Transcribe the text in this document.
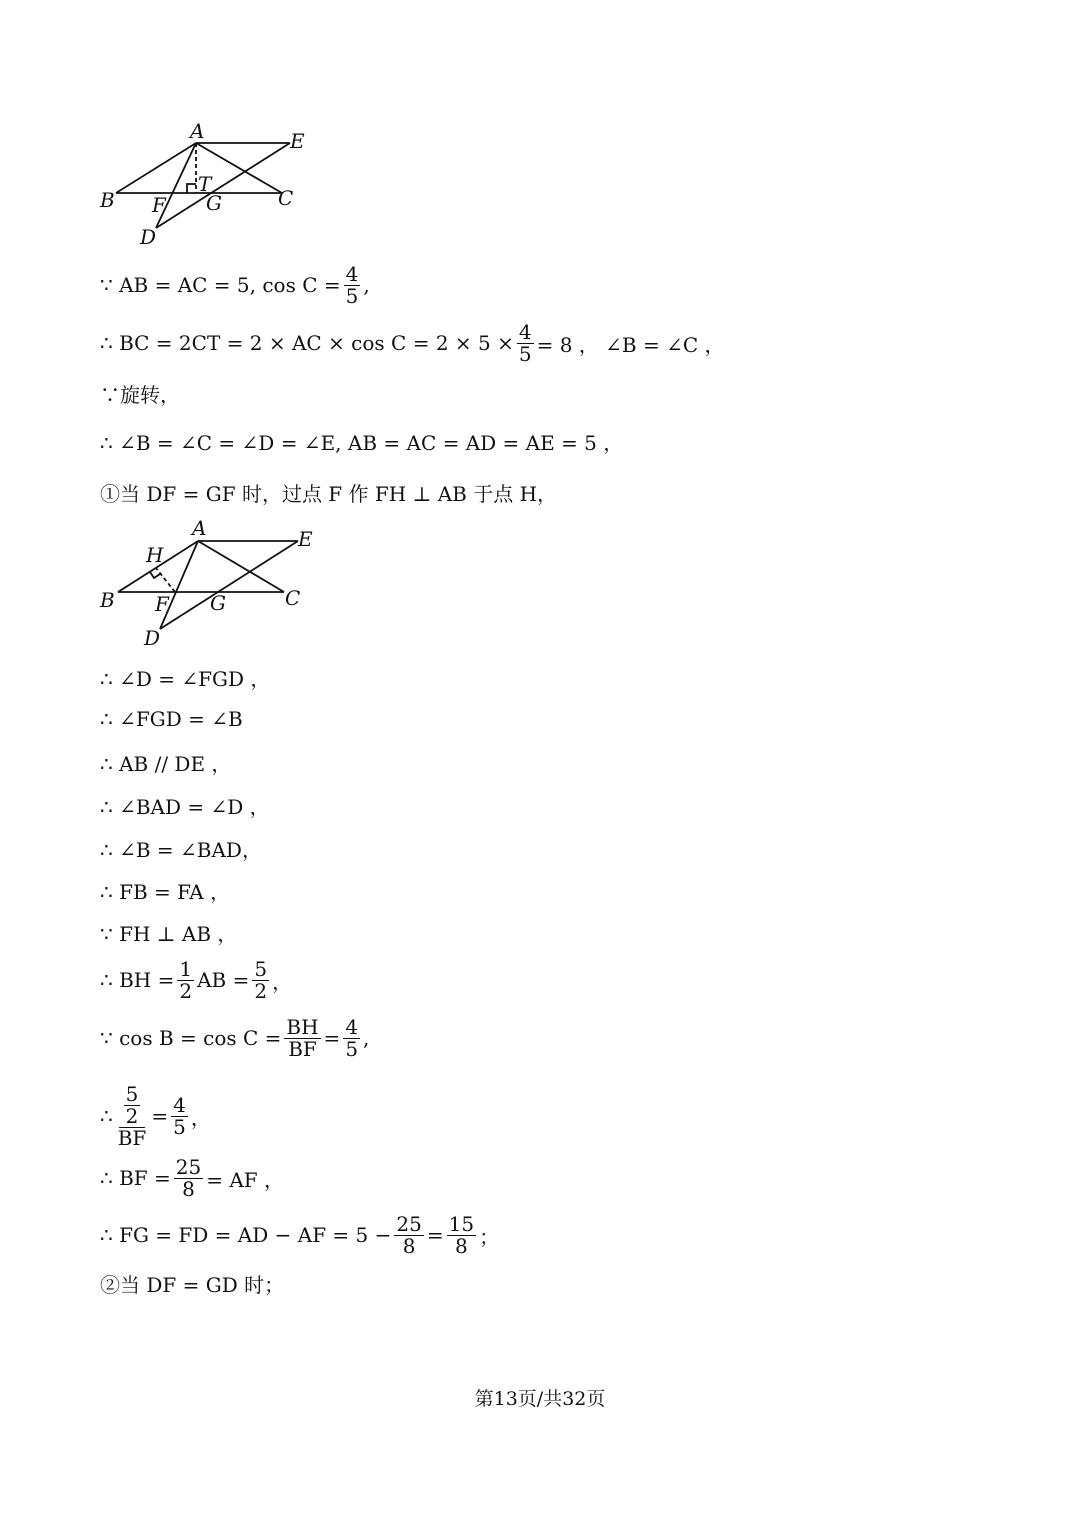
A	E
B	C
T
F G
D
∵ AB = AC = 5, $\cos C = \frac{4}{5}$ ,
∴ BC = 2CT = 2 × AC × $\cos C = 2 \times 5 \times \frac{4}{5} = 8$ ， ∠B = ∠C ，
∵旋转，
∴ ∠B = ∠C = ∠D = ∠E, AB = AC = AD = AE = 5 ，
①当 DF = GF 时，过点 F 作 FH ⊥ AB 于点 H，
A	E
H
B F G	C
D
∴ ∠D = ∠FGD ，
∴ ∠FGD = ∠B
∴ AB // DE ，
∴ ∠BAD = ∠D ，
∴ ∠B = ∠BAD，
∴ FB = FA ，
∵ FH ⊥ AB ，
∴ BH = $\frac{1}{2}$ AB = $\frac{5}{2}$ ，
∵ $\cos B = \cos C = \frac{BH}{BF} = \frac{4}{5}$ ,
∴ $\frac{\frac{5}{2}}{BF} = \frac{4}{5}$ ，
∴ BF = $\frac{25}{8}$ = AF ，
∴ FG = FD = AD − AF = $5 - \frac{25}{8} = \frac{15}{8}$ ；
②当 DF = GD 时；
第13页/共32页
